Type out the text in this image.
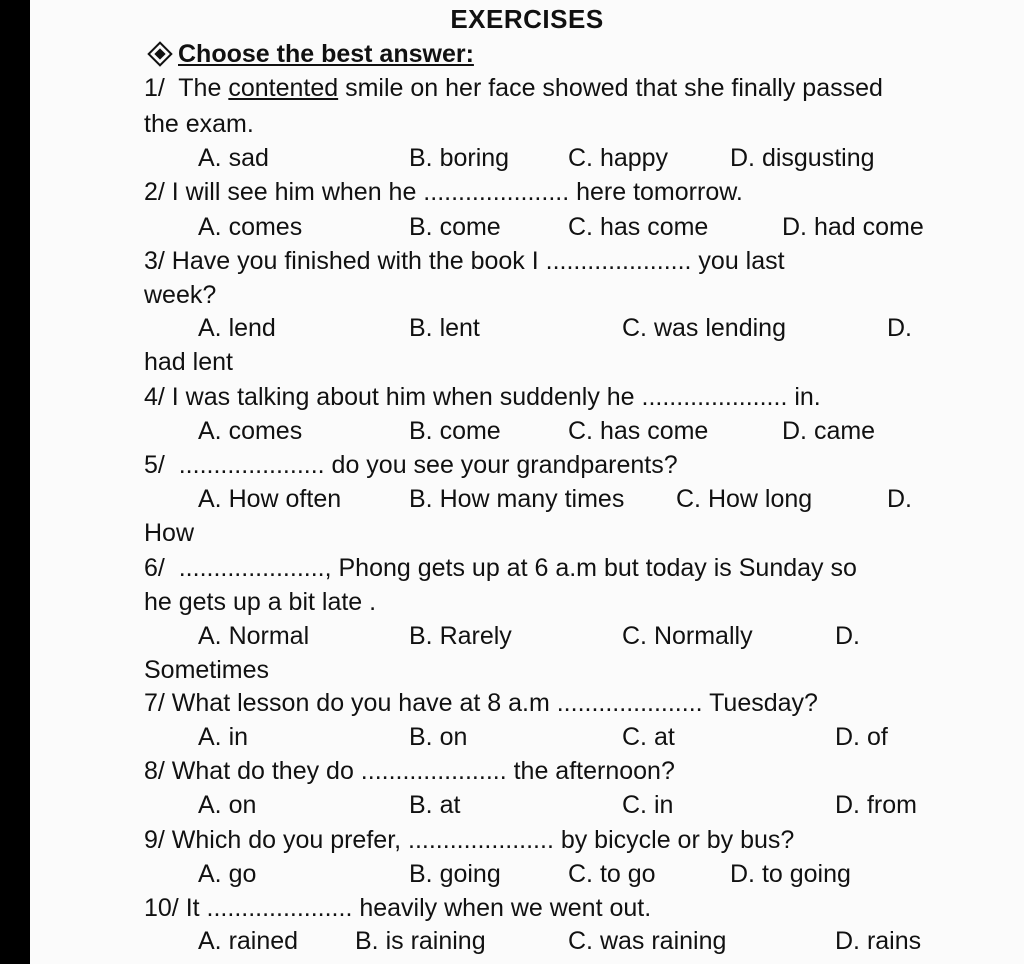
EXERCISES
Choose the best answer:
1/  The contented smile on her face showed that she finally passed
the exam.
A. sad	B. boring C. happy D. disgusting
2/ I will see him when he ..................... here tomorrow.
A. comes	B. come	C. has come	D. had come
3/ Have you finished with the book I ..................... you last
week?
A. lend	B. lent	C. was lending	D.
had lent
4/ I was talking about him when suddenly he ..................... in.
A. comes	B. come	C. has come	D. came
5/  ..................... do you see your grandparents?
A. How often	B. How many times C. How long	D.
How
6/  ....................., Phong gets up at 6 a.m but today is Sunday so
he gets up a bit late .
A. Normal	B. Rarely	C. Normally	D.
Sometimes
7/ What lesson do you have at 8 a.m ..................... Tuesday?
A. in	B. on	C. at	D. of
8/ What do they do ..................... the afternoon?
A. on	B. at	C. in	D. from
9/ Which do you prefer, ..................... by bicycle or by bus?
A. go	B. going	C. to go	D. to going
10/ It ..................... heavily when we went out.
A. rained B. is raining	C. was raining	D. rains
